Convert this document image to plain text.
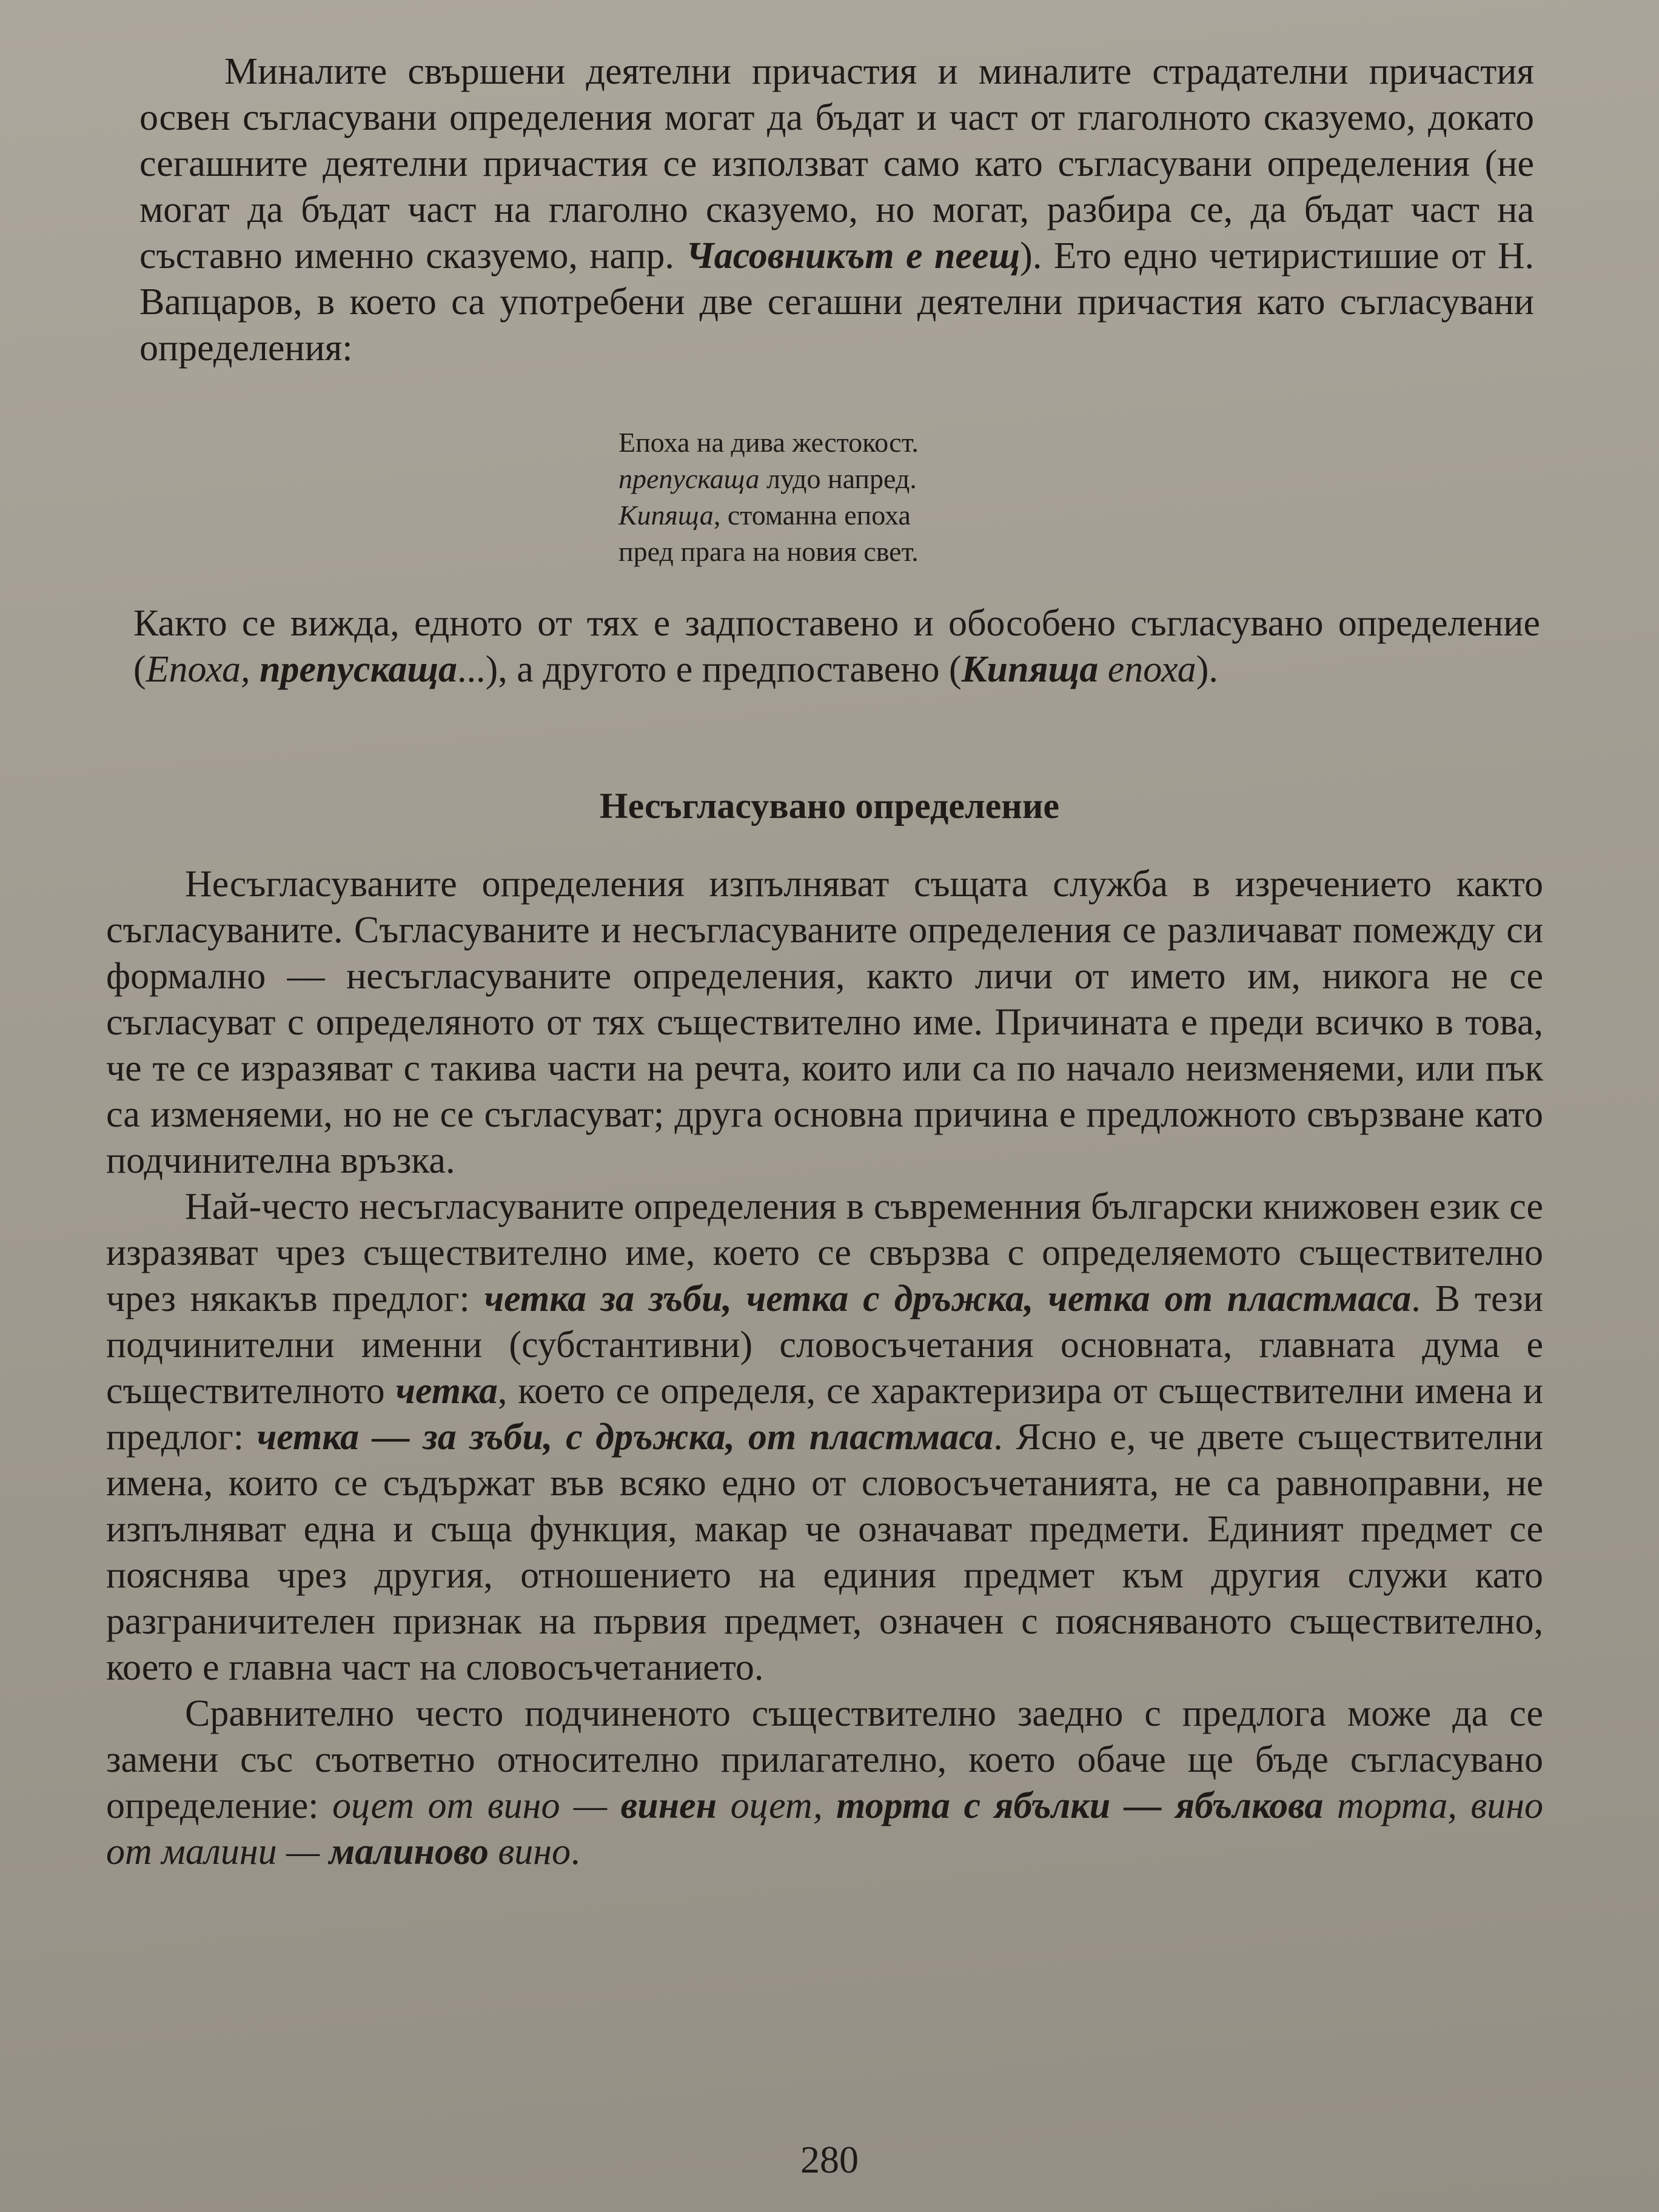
Миналите свършени деятелни причастия и миналите страдателни причастия освен съгласувани определения могат да бъдат и част от глаголното сказуемо, докато сегашните деятелни причастия се използват само като съгласувани определения (не могат да бъдат част на глаголно сказуемо, но могат, разбира се, да бъдат част на съставно именно сказуемо, напр. Часовникът е пеещ). Ето едно четиристишие от Н. Вапцаров, в което са употребени две сегашни деятелни причастия като съгласувани определения:

Епоха на дива жестокост.
препускаща лудо напред.
Кипяща, стоманна епоха
пред прага на новия свет.

Както се вижда, едното от тях е задпоставено и обособено съгласувано определение (Епоха, препускаща...), а другото е предпоставено (Кипяща епоха).

Несъгласувано определение

Несъгласуваните определения изпълняват същата служба в изречението както съгласуваните. Съгласуваните и несъгласуваните определения се различават помежду си формално — несъгласуваните определения, както личи от името им, никога не се съгласуват с определяното от тях съществително име. Причината е преди всичко в това, че те се изразяват с такива части на речта, които или са по начало неизменяеми, или пък са изменяеми, но не се съгласуват; друга основна причина е предложното свързване като подчинителна връзка.

Най-често несъгласуваните определения в съвременния български книжовен език се изразяват чрез съществително име, което се свързва с определяемото съществително чрез някакъв предлог: четка за зъби, четка с дръжка, четка от пластмаса. В тези подчинителни именни (субстантивни) словосъчетания основната, главната дума е съществителното четка, което се определя, се характеризира от съществителни имена и предлог: четка — за зъби, с дръжка, от пластмаса. Ясно е, че двете съществителни имена, които се съдържат във всяко едно от словосъчетанията, не са равноправни, не изпълняват една и съща функция, макар че означават предмети. Единият предмет се пояснява чрез другия, отношението на единия предмет към другия служи като разграничителен признак на първия предмет, означен с поясняваното съществително, което е главна част на словосъчетанието.

Сравнително често подчиненото съществително заедно с предлога може да се замени със съответно относително прилагателно, което обаче ще бъде съгласувано определение: оцет от вино — винен оцет, торта с ябълки — ябълкова торта, вино от малини — малиново вино.

280
